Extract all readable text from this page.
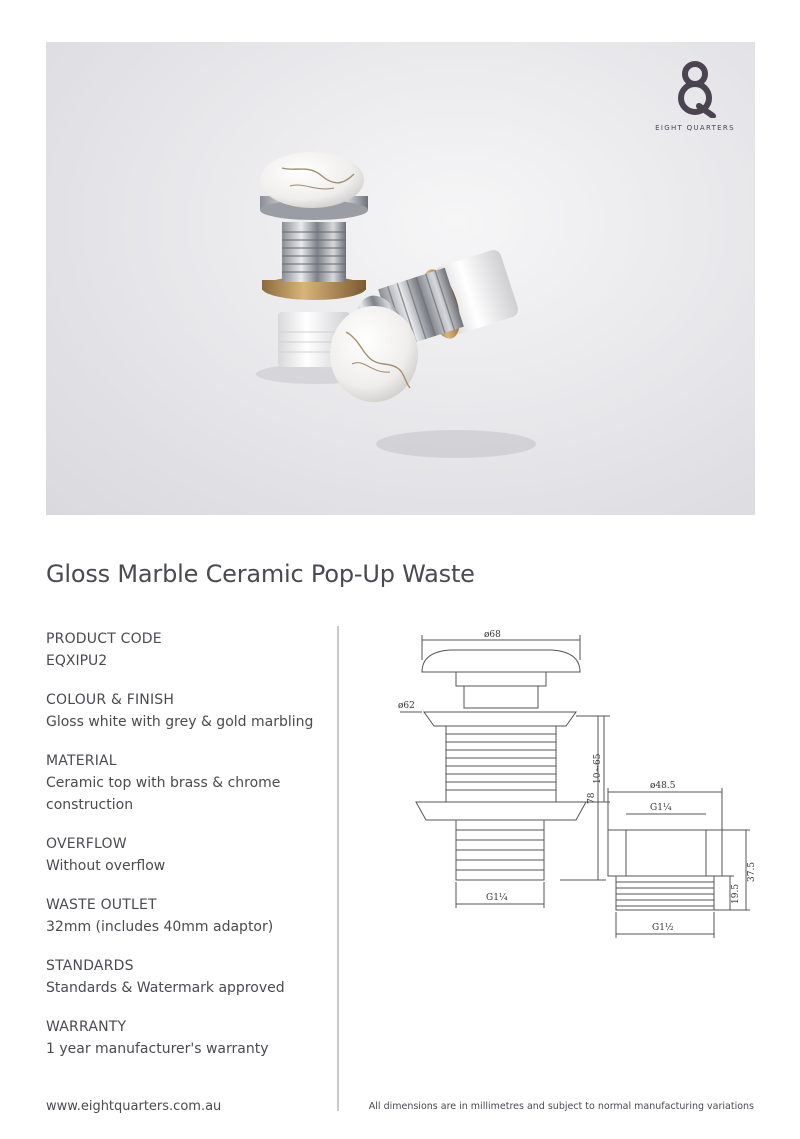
EIGHT QUARTERS
Gloss Marble Ceramic Pop-Up Waste
PRODUCT CODE
EQXIPU2
COLOUR & FINISH
Gloss white with grey & gold marbling
MATERIAL
Ceramic top with brass & chrome construction
OVERFLOW
Without overflow
WASTE OUTLET
32mm (includes 40mm adaptor)
STANDARDS
Standards & Watermark approved
WARRANTY
1 year manufacturer's warranty
ø68
ø62
G1¼
10~65
78
ø48.5
G1¼
G1½
37.5
19.5
www.eightquarters.com.au	All dimensions are in millimetres and subject to normal manufacturing variations
